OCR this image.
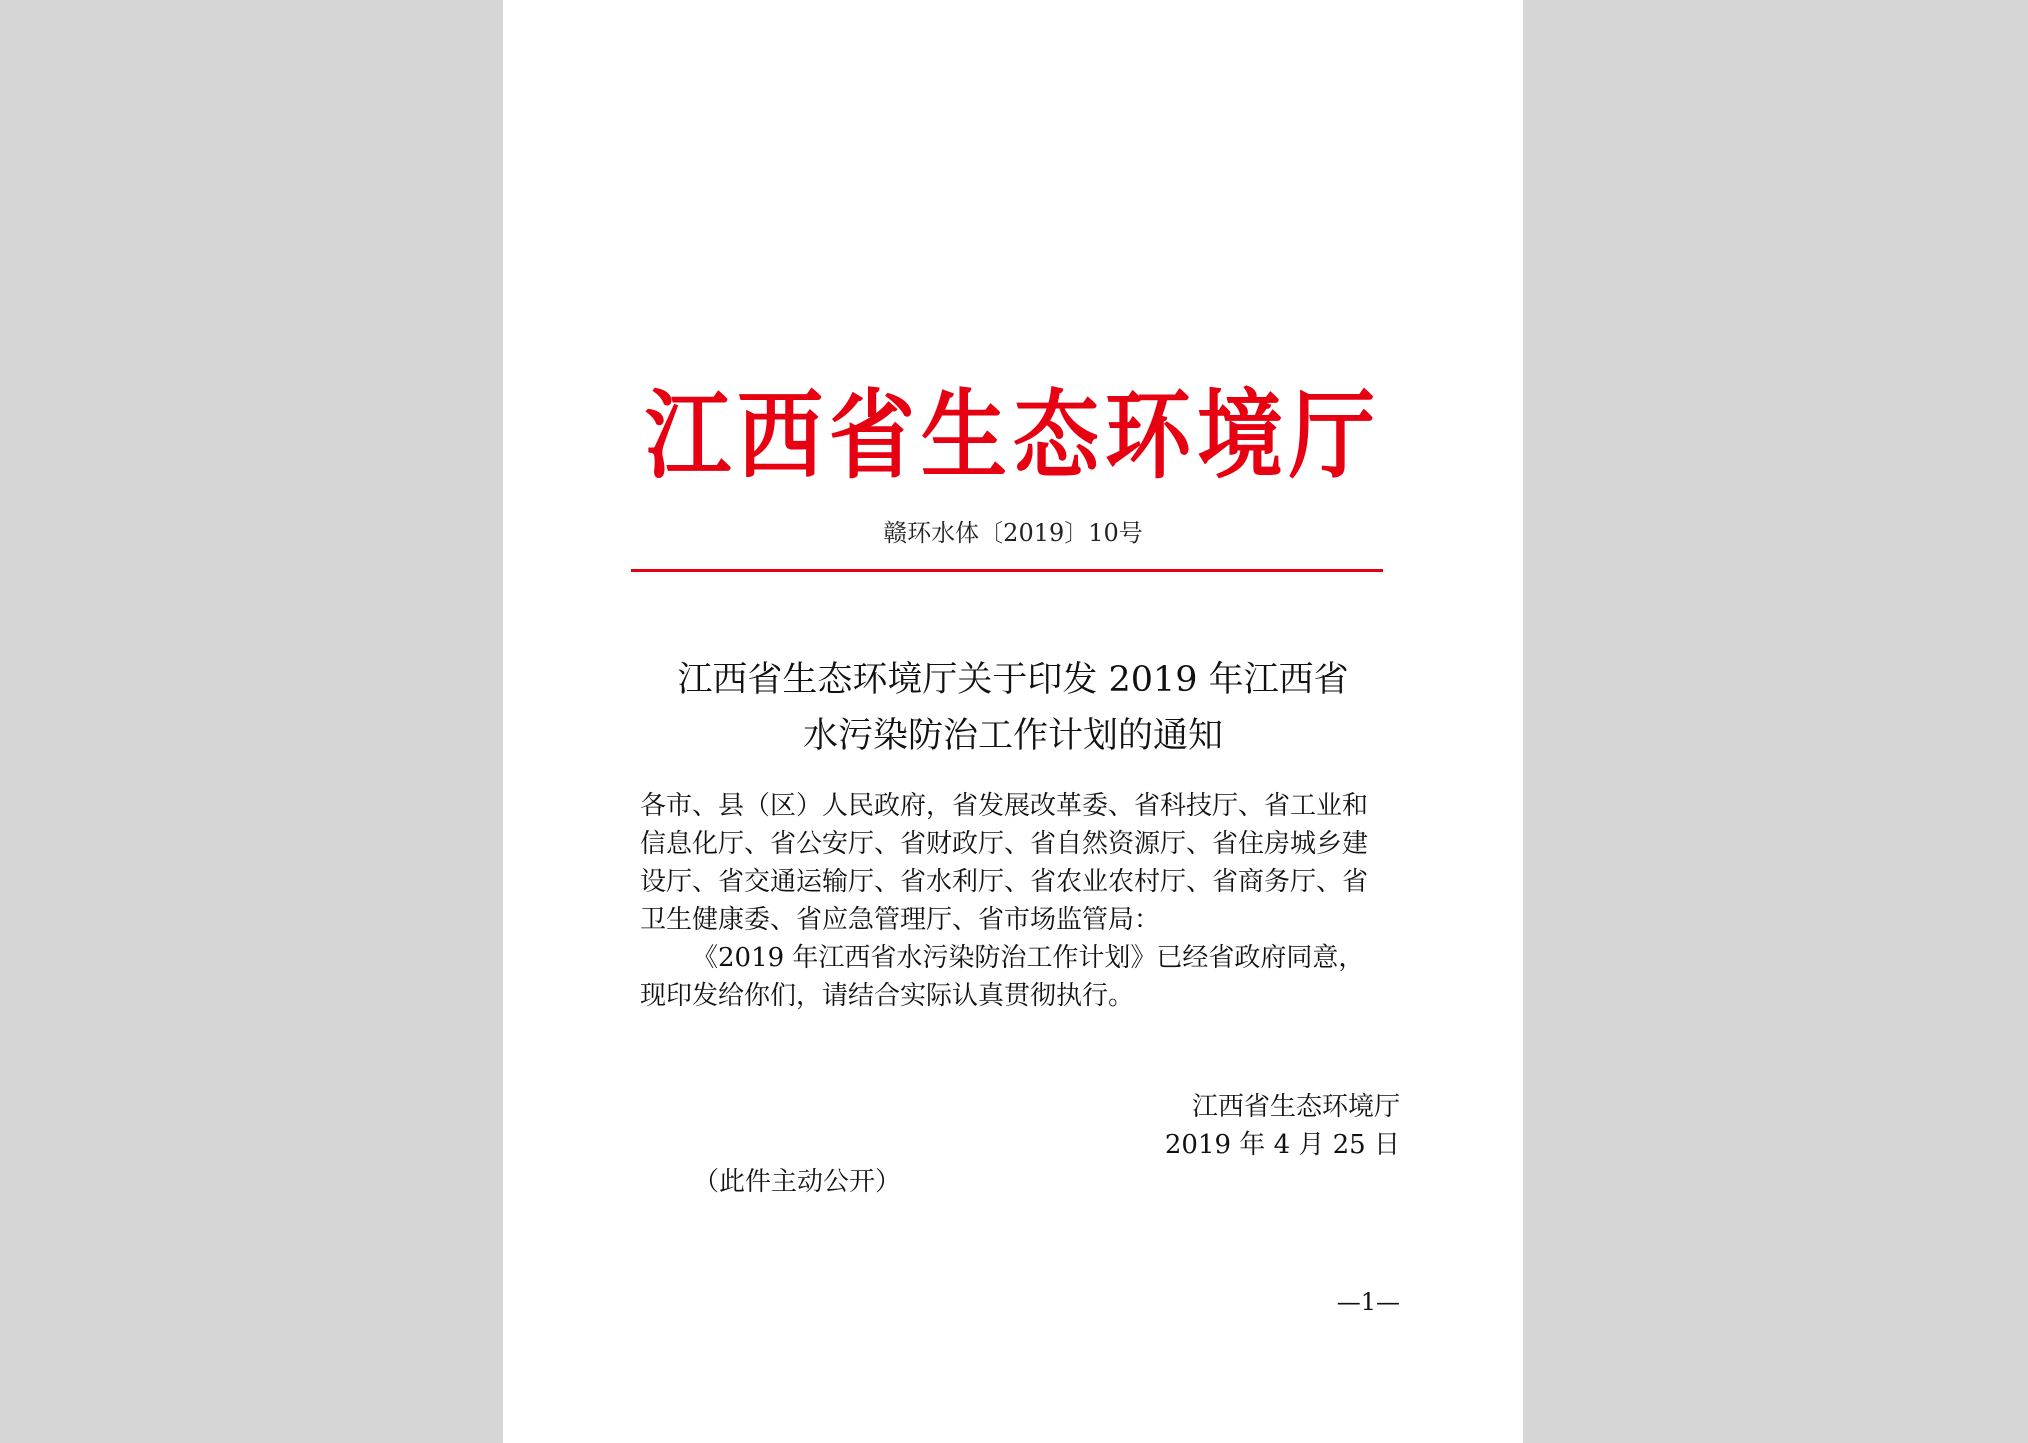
江西省生态环境厅
赣环水体〔2019〕10号
江西省生态环境厅关于印发 2019 年江西省
水污染防治工作计划的通知

各市、县（区）人民政府，省发展改革委、省科技厅、省工业和

信息化厅、省公安厅、省财政厅、省自然资源厅、省住房城乡建

设厅、省交通运输厅、省水利厅、省农业农村厅、省商务厅、省

卫生健康委、省应急管理厅、省市场监管局：

《2019 年江西省水污染防治工作计划》已经省政府同意，

现印发给你们，请结合实际认真贯彻执行。

江西省生态环境厅
2019 年 4 月 25 日
（此件主动公开）
—1—
